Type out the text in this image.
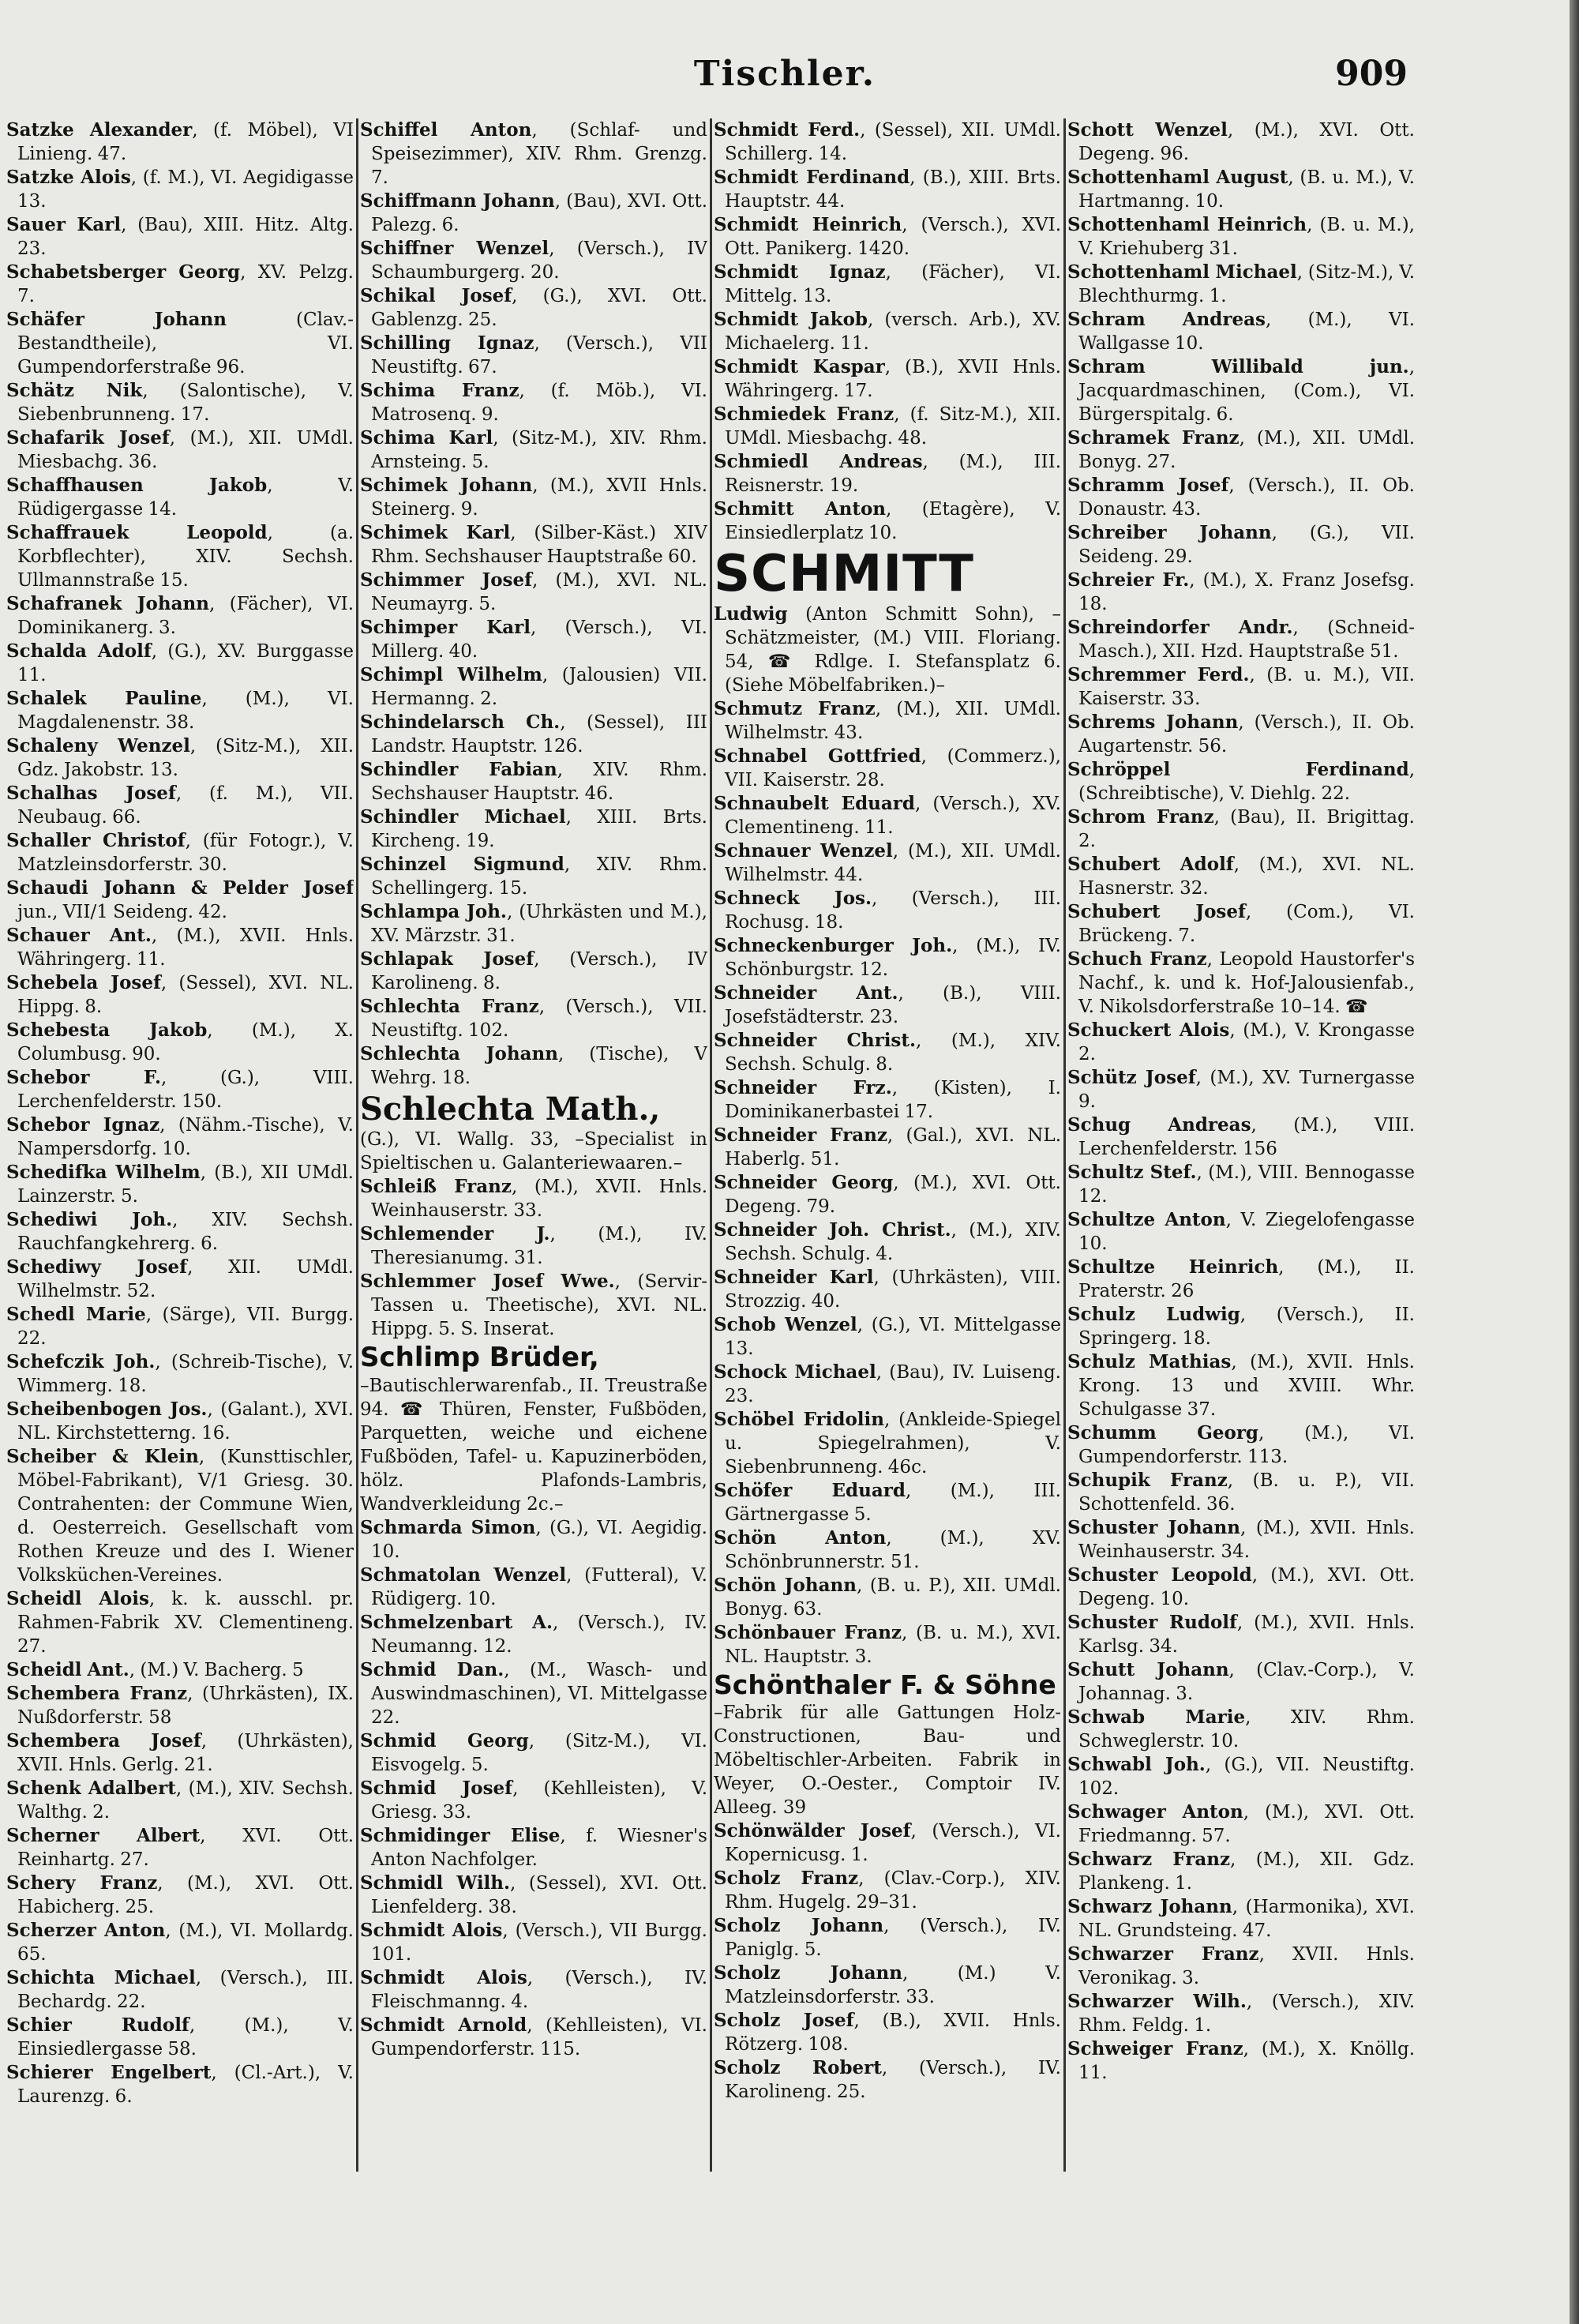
Tischler.	909

Satzke Alexander, (f. Möbel), VI Linieng. 47.

Satzke Alois, (f. M.), VI. Aegidigasse 13.

Sauer Karl, (Bau), XIII. Hitz. Altg. 23.

Schabetsberger Georg, XV. Pelzg. 7.

Schäfer Johann (Clav.-Bestandtheile), VI. Gumpendorferstraße 96.

Schätz Nik, (Salontische), V. Siebenbrunneng. 17.

Schafarik Josef, (M.), XII. UMdl. Miesbachg. 36.

Schaffhausen Jakob, V. Rüdigergasse 14.

Schaffrauek Leopold, (a. Korbflechter), XIV. Sechsh. Ullmannstraße 15.

Schafranek Johann, (Fächer), VI. Dominikanerg. 3.

Schalda Adolf, (G.), XV. Burggasse 11.

Schalek Pauline, (M.), VI. Magdalenenstr. 38.

Schaleny Wenzel, (Sitz-M.), XII. Gdz. Jakobstr. 13.

Schalhas Josef, (f. M.), VII. Neubaug. 66.

Schaller Christof, (für Fotogr.), V. Matzleinsdorferstr. 30.

Schaudi Johann & Pelder Josef jun., VII/1 Seideng. 42.

Schauer Ant., (M.), XVII. Hnls. Währingerg. 11.

Schebela Josef, (Sessel), XVI. NL. Hippg. 8.

Schebesta Jakob, (M.), X. Columbusg. 90.

Schebor F., (G.), VIII. Lerchenfelderstr. 150.

Schebor Ignaz, (Nähm.-Tische), V. Nampersdorfg. 10.

Schedifka Wilhelm, (B.), XII UMdl. Lainzerstr. 5.

Schediwi Joh., XIV. Sechsh. Rauchfangkehrerg. 6.

Schediwy Josef, XII. UMdl. Wilhelmstr. 52.

Schedl Marie, (Särge), VII. Burgg. 22.

Schefczik Joh., (Schreib-Tische), V. Wimmerg. 18.

Scheibenbogen Jos., (Galant.), XVI. NL. Kirchstetterng. 16.

Scheiber & Klein, (Kunsttischler, Möbel-Fabrikant), V/1 Griesg. 30. Contrahenten: der Commune Wien, d. Oesterreich. Gesellschaft vom Rothen Kreuze und des I. Wiener Volksküchen-Vereines.

Scheidl Alois, k. k. ausschl. pr. Rahmen-Fabrik XV. Clementineng. 27.

Scheidl Ant., (M.) V. Bacherg. 5

Schembera Franz, (Uhrkästen), IX. Nußdorferstr. 58

Schembera Josef, (Uhrkästen), XVII. Hnls. Gerlg. 21.

Schenk Adalbert, (M.), XIV. Sechsh. Walthg. 2.

Scherner Albert, XVI. Ott. Reinhartg. 27.

Schery Franz, (M.), XVI. Ott. Habicherg. 25.

Scherzer Anton, (M.), VI. Mollardg. 65.

Schichta Michael, (Versch.), III. Bechardg. 22.

Schier Rudolf, (M.), V. Einsiedlergasse 58.

Schierer Engelbert, (Cl.-Art.), V. Laurenzg. 6.

Schiffel Anton, (Schlaf- und Speisezimmer), XIV. Rhm. Grenzg. 7.

Schiffmann Johann, (Bau), XVI. Ott. Palezg. 6.

Schiffner Wenzel, (Versch.), IV Schaumburgerg. 20.

Schikal Josef, (G.), XVI. Ott. Gablenzg. 25.

Schilling Ignaz, (Versch.), VII Neustiftg. 67.

Schima Franz, (f. Möb.), VI. Matrosenq. 9.

Schima Karl, (Sitz-M.), XIV. Rhm. Arnsteing. 5.

Schimek Johann, (M.), XVII Hnls. Steinerg. 9.

Schimek Karl, (Silber-Käst.) XIV Rhm. Sechshauser Hauptstraße 60.

Schimmer Josef, (M.), XVI. NL. Neumayrg. 5.

Schimper Karl, (Versch.), VI. Millerg. 40.

Schimpl Wilhelm, (Jalousien) VII. Hermanng. 2.

Schindelarsch Ch., (Sessel), III Landstr. Hauptstr. 126.

Schindler Fabian, XIV. Rhm. Sechshauser Hauptstr. 46.

Schindler Michael, XIII. Brts. Kircheng. 19.

Schinzel Sigmund, XIV. Rhm. Schellingerg. 15.

Schlampa Joh., (Uhrkästen und M.), XV. Märzstr. 31.

Schlapak Josef, (Versch.), IV Karolineng. 8.

Schlechta Franz, (Versch.), VII. Neustiftg. 102.

Schlechta Johann, (Tische), V Wehrg. 18.

Schlechta Math.,

(G.), VI. Wallg. 33, –Specialist in Spieltischen u. Galanteriewaaren.–

Schleiß Franz, (M.), XVII. Hnls. Weinhauserstr. 33.

Schlemender J., (M.), IV. Theresianumg. 31.

Schlemmer Josef Wwe., (Servir-Tassen u. Theetische), XVI. NL. Hippg. 5. S. Inserat.

Schlimp Brüder,

–Bautischlerwarenfab., II. Treustraße 94. ☎ Thüren, Fenster, Fußböden, Parquetten, weiche und eichene Fußböden, Tafel- u. Kapuzinerböden, hölz. Plafonds-Lambris, Wandverkleidung 2c.–

Schmarda Simon, (G.), VI. Aegidig. 10.

Schmatolan Wenzel, (Futteral), V. Rüdigerg. 10.

Schmelzenbart A., (Versch.), IV. Neumanng. 12.

Schmid Dan., (M., Wasch- und Auswindmaschinen), VI. Mittelgasse 22.

Schmid Georg, (Sitz-M.), VI. Eisvogelg. 5.

Schmid Josef, (Kehlleisten), V. Griesg. 33.

Schmidinger Elise, f. Wiesner's Anton Nachfolger.

Schmidl Wilh., (Sessel), XVI. Ott. Lienfelderg. 38.

Schmidt Alois, (Versch.), VII Burgg. 101.

Schmidt Alois, (Versch.), IV. Fleischmanng. 4.

Schmidt Arnold, (Kehlleisten), VI. Gumpendorferstr. 115.

Schmidt Ferd., (Sessel), XII. UMdl. Schillerg. 14.

Schmidt Ferdinand, (B.), XIII. Brts. Hauptstr. 44.

Schmidt Heinrich, (Versch.), XVI. Ott. Panikerg. 1420.

Schmidt Ignaz, (Fächer), VI. Mittelg. 13.

Schmidt Jakob, (versch. Arb.), XV. Michaelerg. 11.

Schmidt Kaspar, (B.), XVII Hnls. Währingerg. 17.

Schmiedek Franz, (f. Sitz-M.), XII. UMdl. Miesbachg. 48.

Schmiedl Andreas, (M.), III. Reisnerstr. 19.

Schmitt Anton, (Etagère), V. Einsiedlerplatz 10.

SCHMITT

Ludwig (Anton Schmitt Sohn), –Schätzmeister, (M.) VIII. Floriang. 54, ☎ Rdlge. I. Stefansplatz 6. (Siehe Möbelfabriken.)–

Schmutz Franz, (M.), XII. UMdl. Wilhelmstr. 43.

Schnabel Gottfried, (Commerz.), VII. Kaiserstr. 28.

Schnaubelt Eduard, (Versch.), XV. Clementineng. 11.

Schnauer Wenzel, (M.), XII. UMdl. Wilhelmstr. 44.

Schneck Jos., (Versch.), III. Rochusg. 18.

Schneckenburger Joh., (M.), IV. Schönburgstr. 12.

Schneider Ant., (B.), VIII. Josefstädterstr. 23.

Schneider Christ., (M.), XIV. Sechsh. Schulg. 8.

Schneider Frz., (Kisten), I. Dominikanerbastei 17.

Schneider Franz, (Gal.), XVI. NL. Haberlg. 51.

Schneider Georg, (M.), XVI. Ott. Degeng. 79.

Schneider Joh. Christ., (M.), XIV. Sechsh. Schulg. 4.

Schneider Karl, (Uhrkästen), VIII. Strozzig. 40.

Schob Wenzel, (G.), VI. Mittelgasse 13.

Schock Michael, (Bau), IV. Luiseng. 23.

Schöbel Fridolin, (Ankleide-Spiegel u. Spiegelrahmen), V. Siebenbrunneng. 46c.

Schöfer Eduard, (M.), III. Gärtnergasse 5.

Schön Anton, (M.), XV. Schönbrunnerstr. 51.

Schön Johann, (B. u. P.), XII. UMdl. Bonyg. 63.

Schönbauer Franz, (B. u. M.), XVI. NL. Hauptstr. 3.

Schönthaler F. & Söhne

–Fabrik für alle Gattungen Holz-Constructionen, Bau- und Möbeltischler-Arbeiten. Fabrik in Weyer, O.-Oester., Comptoir IV. Alleeg. 39

Schönwälder Josef, (Versch.), VI. Kopernicusg. 1.

Scholz Franz, (Clav.-Corp.), XIV. Rhm. Hugelg. 29–31.

Scholz Johann, (Versch.), IV. Paniglg. 5.

Scholz Johann, (M.) V. Matzleinsdorferstr. 33.

Scholz Josef, (B.), XVII. Hnls. Rötzerg. 108.

Scholz Robert, (Versch.), IV. Karolineng. 25.

Schott Wenzel, (M.), XVI. Ott. Degeng. 96.

Schottenhaml August, (B. u. M.), V. Hartmanng. 10.

Schottenhaml Heinrich, (B. u. M.), V. Kriehuberg 31.

Schottenhaml Michael, (Sitz-M.), V. Blechthurmg. 1.

Schram Andreas, (M.), VI. Wallgasse 10.

Schram Willibald jun., Jacquardmaschinen, (Com.), VI. Bürgerspitalg. 6.

Schramek Franz, (M.), XII. UMdl. Bonyg. 27.

Schramm Josef, (Versch.), II. Ob. Donaustr. 43.

Schreiber Johann, (G.), VII. Seideng. 29.

Schreier Fr., (M.), X. Franz Josefsg. 18.

Schreindorfer Andr., (Schneid-Masch.), XII. Hzd. Hauptstraße 51.

Schremmer Ferd., (B. u. M.), VII. Kaiserstr. 33.

Schrems Johann, (Versch.), II. Ob. Augartenstr. 56.

Schröppel Ferdinand, (Schreibtische), V. Diehlg. 22.

Schrom Franz, (Bau), II. Brigittag. 2.

Schubert Adolf, (M.), XVI. NL. Hasnerstr. 32.

Schubert Josef, (Com.), VI. Brückeng. 7.

Schuch Franz, Leopold Haustorfer's Nachf., k. und k. Hof-Jalousienfab., V. Nikolsdorferstraße 10–14. ☎

Schuckert Alois, (M.), V. Krongasse 2.

Schütz Josef, (M.), XV. Turnergasse 9.

Schug Andreas, (M.), VIII. Lerchenfelderstr. 156

Schultz Stef., (M.), VIII. Bennogasse 12.

Schultze Anton, V. Ziegelofengasse 10.

Schultze Heinrich, (M.), II. Praterstr. 26

Schulz Ludwig, (Versch.), II. Springerg. 18.

Schulz Mathias, (M.), XVII. Hnls. Krong. 13 und XVIII. Whr. Schulgasse 37.

Schumm Georg, (M.), VI. Gumpendorferstr. 113.

Schupik Franz, (B. u. P.), VII. Schottenfeld. 36.

Schuster Johann, (M.), XVII. Hnls. Weinhauserstr. 34.

Schuster Leopold, (M.), XVI. Ott. Degeng. 10.

Schuster Rudolf, (M.), XVII. Hnls. Karlsg. 34.

Schutt Johann, (Clav.-Corp.), V. Johannag. 3.

Schwab Marie, XIV. Rhm. Schweglerstr. 10.

Schwabl Joh., (G.), VII. Neustiftg. 102.

Schwager Anton, (M.), XVI. Ott. Friedmanng. 57.

Schwarz Franz, (M.), XII. Gdz. Plankeng. 1.

Schwarz Johann, (Harmonika), XVI. NL. Grundsteing. 47.

Schwarzer Franz, XVII. Hnls. Veronikag. 3.

Schwarzer Wilh., (Versch.), XIV. Rhm. Feldg. 1.

Schweiger Franz, (M.), X. Knöllg. 11.
